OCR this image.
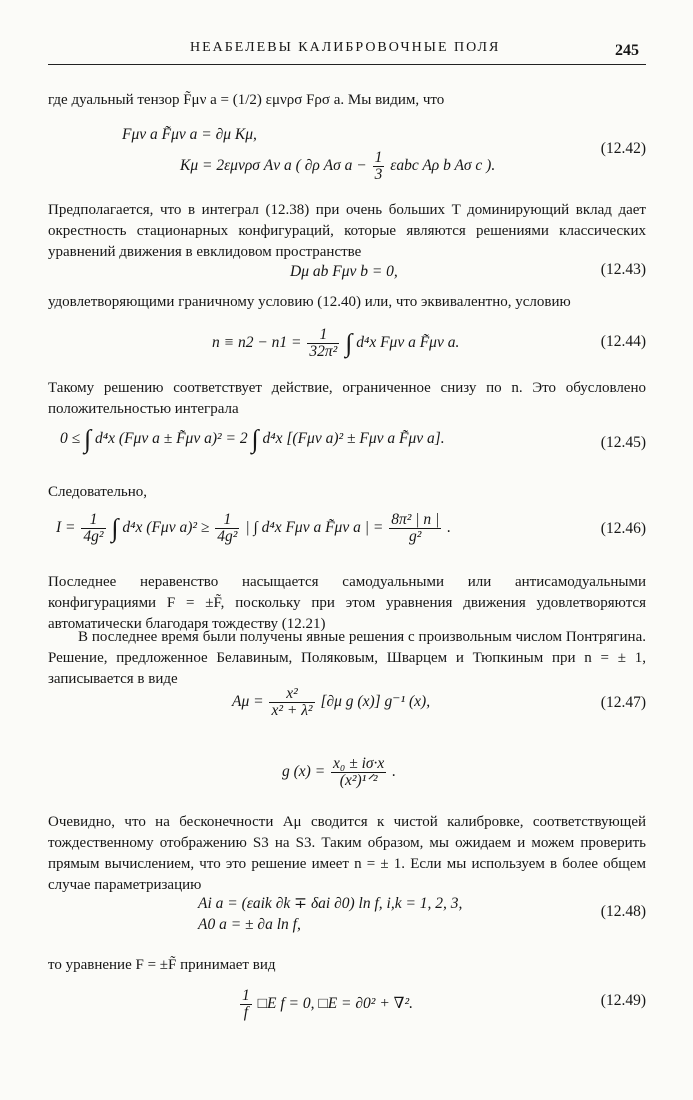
НЕАБЕЛЕВЫ КАЛИБРОВОЧНЫЕ ПОЛЯ	245
где дуальный тензор F̃μν a = (1/2) εμνρσ Fρσ a. Мы видим, что
Fμν a F̃μν a = ∂μ Kμ,
Kμ = 2εμνρσ Aν a ( ∂ρ Aσ $a - \frac{1}{3}$ εabc Aρ b Aσ c ).
(12.42)
Предполагается, что в интеграл (12.38) при очень больших T доминирующий вклад дает окрестность стационарных конфигураций, которые являются решениями классических уравнений движения в евклидовом пространстве
Dμ ab Fμν b = 0,	(12.43)
удовлетворяющими граничному условию (12.40) или, что эквивалентно, условию
$n \equiv n2 - n1 = \frac{1}{\text{32π²}}$ ∫ d⁴x Fμν a F̃μν a.	(12.44)
Такому решению соответствует действие, ограниченное снизу по n. Это обусловлено положительностью интеграла
0 ≤ ∫ d⁴x (Fμν a ± F̃μν a)² = 2 ∫ d⁴x [(Fμν a)² ± Fμν a F̃μν a].	(12.45)
Следовательно,
$I = \frac{1}{\text{4g²}}$ ∫ d⁴x (Fμν $a)^2 \ge \frac{1}{\text{4g²}}$ | ∫ d⁴x Fμν a F̃μν a | = $\frac{\text{8π² | n |}}{\text{g²}}$ .	(12.46)
Последнее неравенство насыщается самодуальными или антисамодуальными конфигурациями F = ±F̃, поскольку при этом уравнения движения удовлетворяются автоматически благодаря тождеству (12.21)
В последнее время были получены явные решения с произвольным числом Понтрягина. Решение, предложенное Белавиным, Поляковым, Шварцем и Тюпкиным при n = ± 1, записывается в виде
$A\mu = \frac{\text{x²}}{\text{x² + λ²}} [\partial\mu$ g (x)] g⁻¹ (x),	(12.47)
g $(x) = \frac{\text{x₀ ± iσ·x}}{\text{(x²)¹ᐟ²}}$ .
Очевидно, что на бесконечности Aμ сводится к чистой калибровке, соответствующей тождественному отображению S3 на S3. Таким образом, мы ожидаем и можем проверить прямым вычислением, что это решение имеет n = ± 1. Если мы используем в более общем случае параметризацию
Ai a = (εaik ∂k ∓ δai ∂0) ln f, i,k = 1, 2, 3,
A0 a = ± ∂a ln f,
(12.48)
то уравнение F = ±F̃ принимает вид
$\frac{1}{f}$ □E f = 0, □E = ∂0² + ∇².	(12.49)
